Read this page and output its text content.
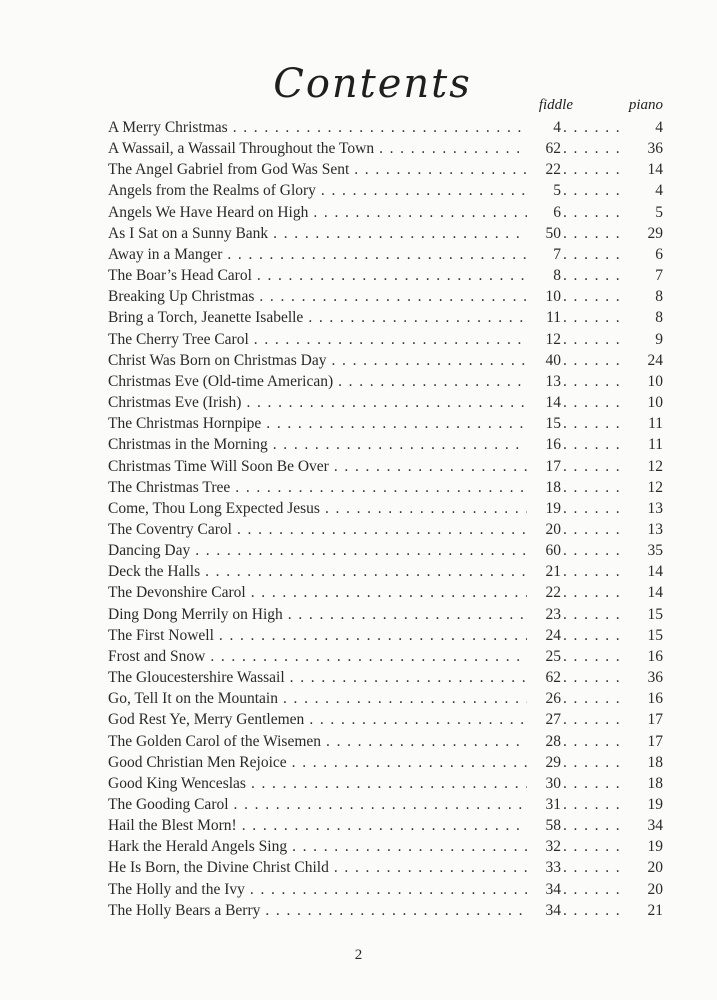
Contents	fiddle	piano
A Merry Christmas . . .	4 . . .	4
A Wassail, a Wassail Throughout the Town . . .	62 . . .	36
The Angel Gabriel from God Was Sent . . .	22 . . .	14
Angels from the Realms of Glory . . .	5 . . .	4
Angels We Have Heard on High . . .	6 . . .	5
As I Sat on a Sunny Bank . . .	50 . . .	29
Away in a Manger . . .	7 . . .	6
The Boar’s Head Carol . . .	8 . . .	7
Breaking Up Christmas . . .	10 . . .	8
Bring a Torch, Jeanette Isabelle . . .	11 . . .	8
The Cherry Tree Carol . . .	12 . . .	9
Christ Was Born on Christmas Day . . .	40 . . .	24
Christmas Eve (Old-time American) . . .	13 . . .	10
Christmas Eve (Irish) . . .	14 . . .	10
The Christmas Hornpipe . . .	15 . . .	11
Christmas in the Morning . . .	16 . . .	11
Christmas Time Will Soon Be Over . . .	17 . . .	12
The Christmas Tree . . .	18 . . .	12
Come, Thou Long Expected Jesus . . .	19 . . .	13
The Coventry Carol . . .	20 . . .	13
Dancing Day . . .	60 . . .	35
Deck the Halls . . .	21 . . .	14
The Devonshire Carol . . .	22 . . .	14
Ding Dong Merrily on High . . .	23 . . .	15
The First Nowell . . .	24 . . .	15
Frost and Snow . . .	25 . . .	16
The Gloucestershire Wassail . . .	62 . . .	36
Go, Tell It on the Mountain . . .	26 . . .	16
God Rest Ye, Merry Gentlemen . . .	27 . . .	17
The Golden Carol of the Wisemen . . .	28 . . .	17
Good Christian Men Rejoice . . .	29 . . .	18
Good King Wenceslas . . .	30 . . .	18
The Gooding Carol . . .	31 . . .	19
Hail the Blest Morn! . . .	58 . . .	34
Hark the Herald Angels Sing . . .	32 . . .	19
He Is Born, the Divine Christ Child . . .	33 . . .	20
The Holly and the Ivy . . .	34 . . .	20
The Holly Bears a Berry . . .	34 . . .	21
2
